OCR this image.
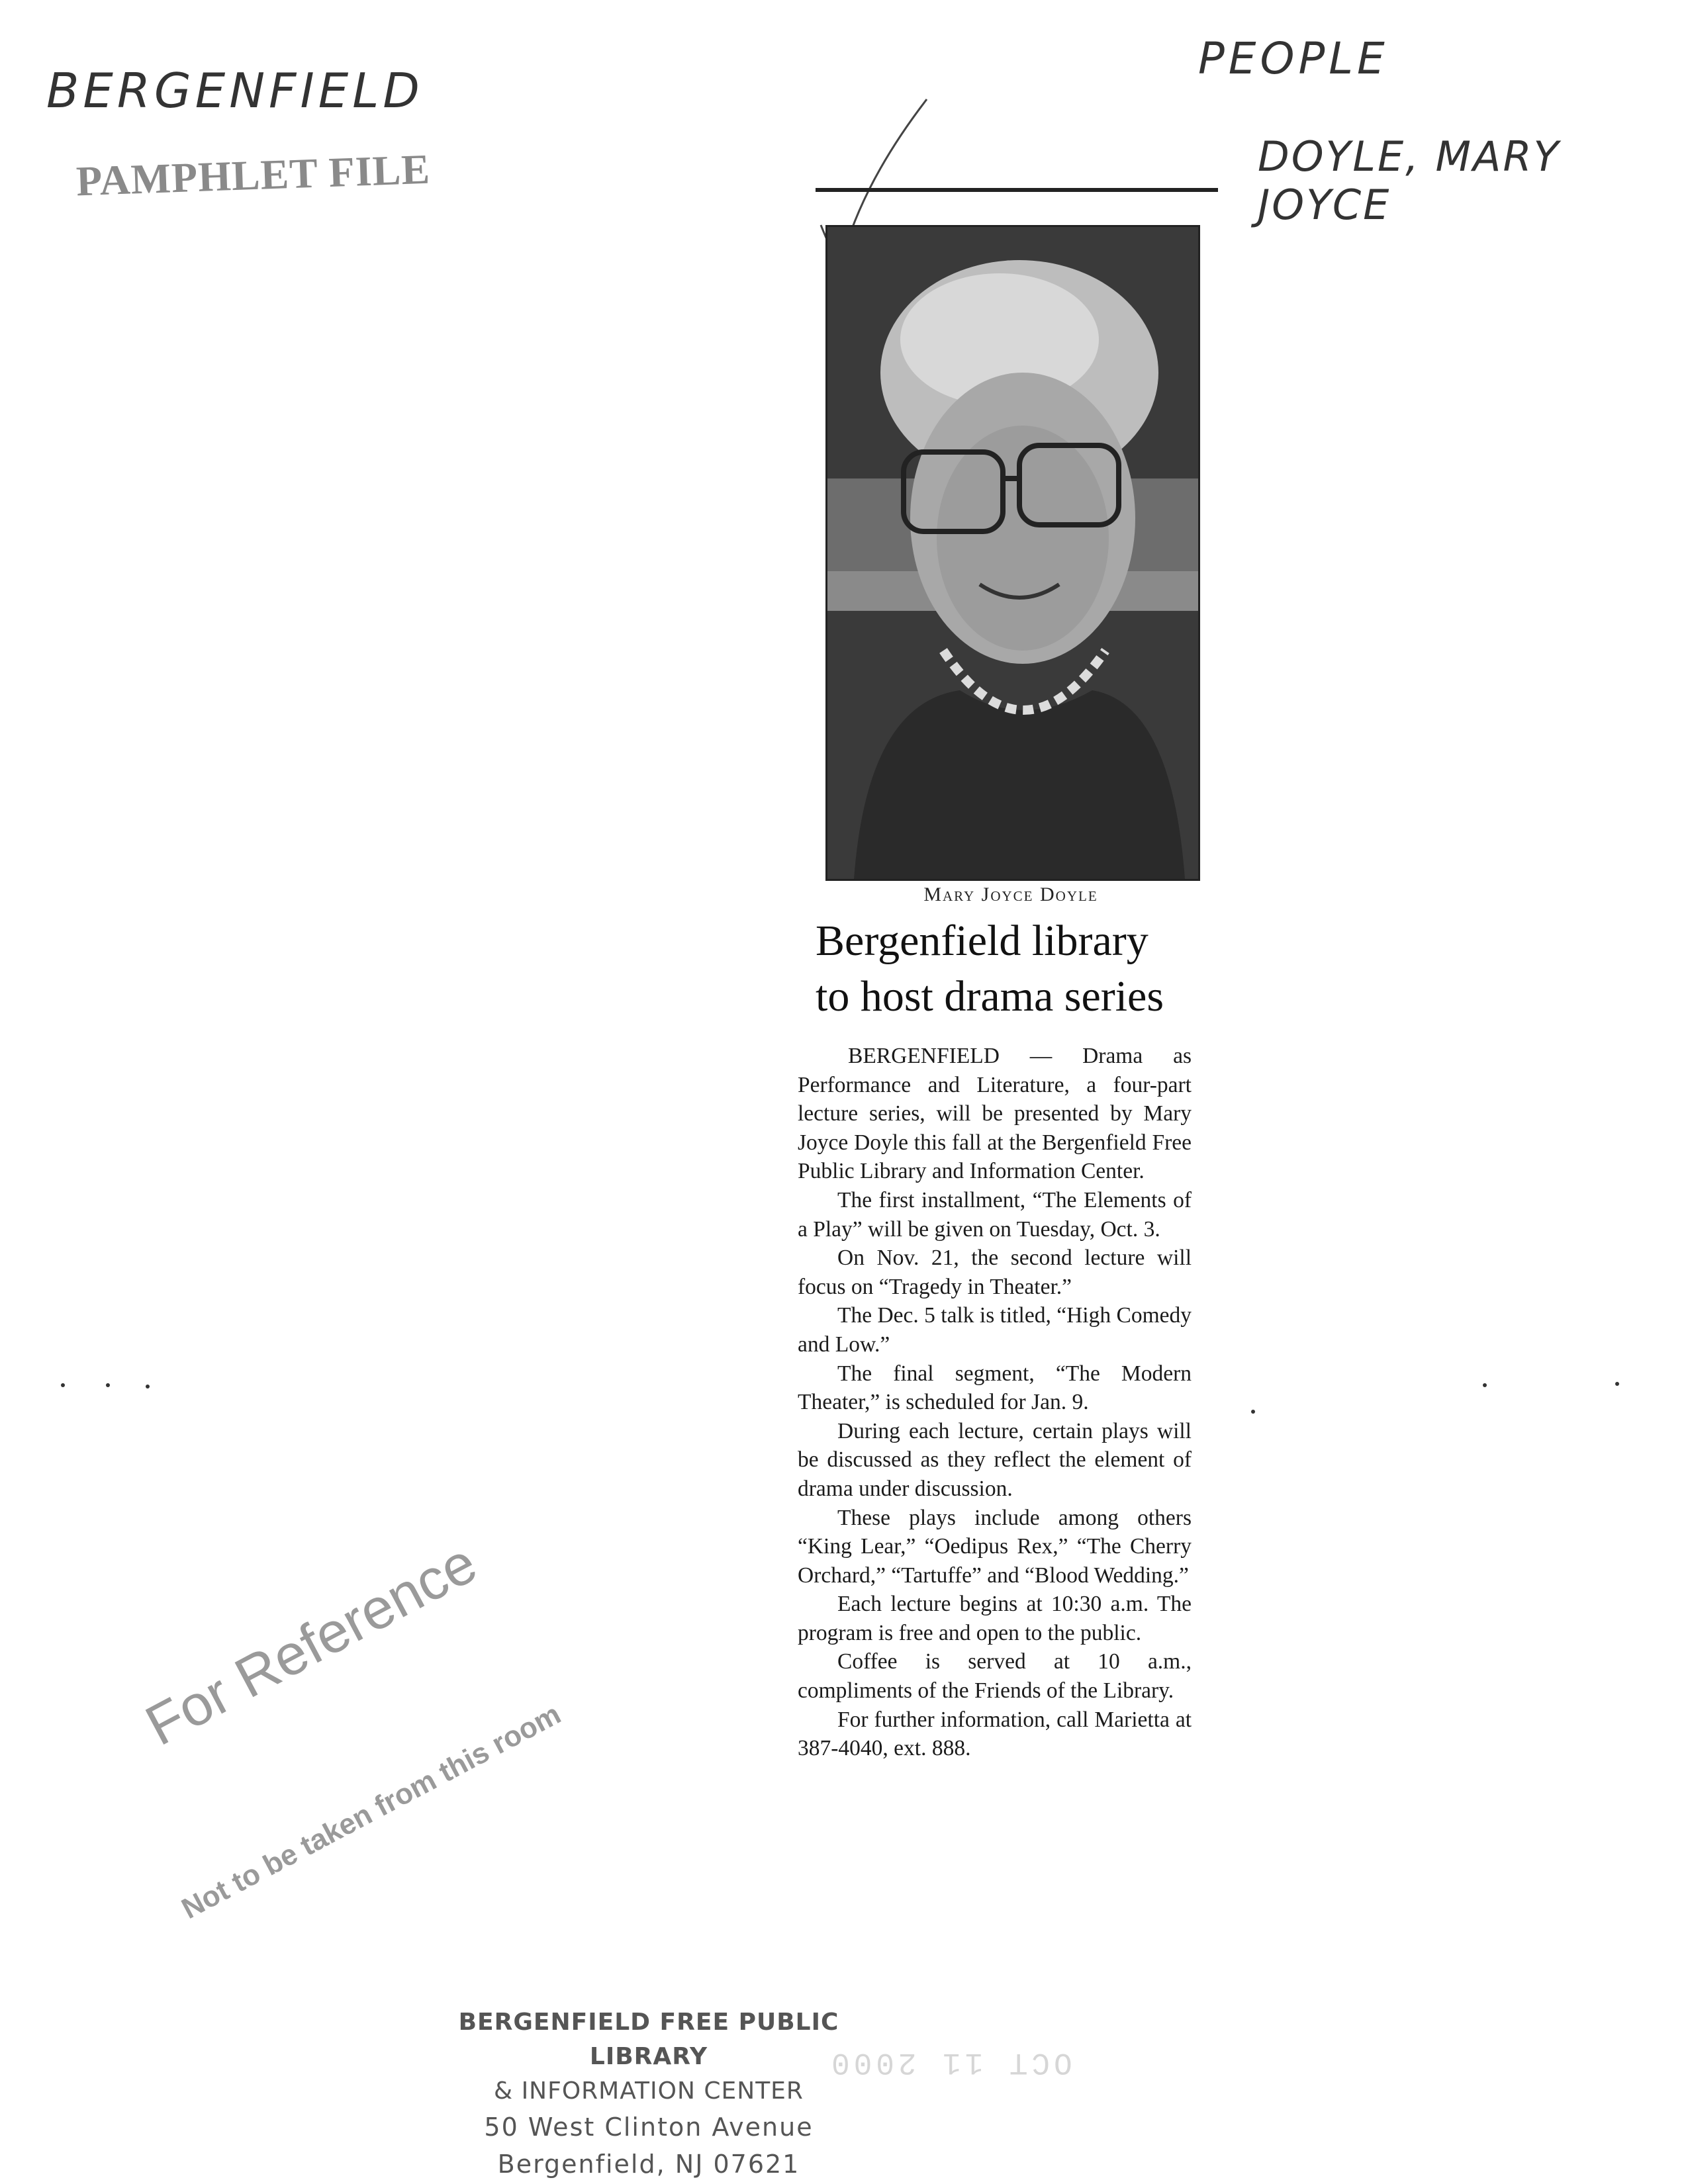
BERGENFIELD
PEOPLE
DOYLE, MARY JOYCE
PAMPHLET FILE
Mary Joyce Doyle
Bergenfield library
to host drama series

BERGENFIELD — Drama as Performance and Literature, a four-part lecture series, will be presented by Mary Joyce Doyle this fall at the Bergenfield Free Public Library and Information Center.

The first installment, “The Elements of a Play” will be given on Tuesday, Oct. 3.

On Nov. 21, the second lecture will focus on “Tragedy in Theater.”

The Dec. 5 talk is titled, “High Comedy and Low.”

The final segment, “The Modern Theater,” is scheduled for Jan. 9.

During each lecture, certain plays will be discussed as they reflect the element of drama under discussion.

These plays include among others “King Lear,” “Oedipus Rex,” “The Cherry Orchard,” “Tartuffe” and “Blood Wedding.”

Each lecture begins at 10:30 a.m. The program is free and open to the public.

Coffee is served at 10 a.m., compliments of the Friends of the Library.

For further information, call Marietta at 387-4040, ext. 888.

For Reference
Not to be taken from this room
BERGENFIELD FREE PUBLIC LIBRARY
& INFORMATION CENTER
50 West Clinton Avenue
Bergenfield, NJ 07621
OCT 11 2000
